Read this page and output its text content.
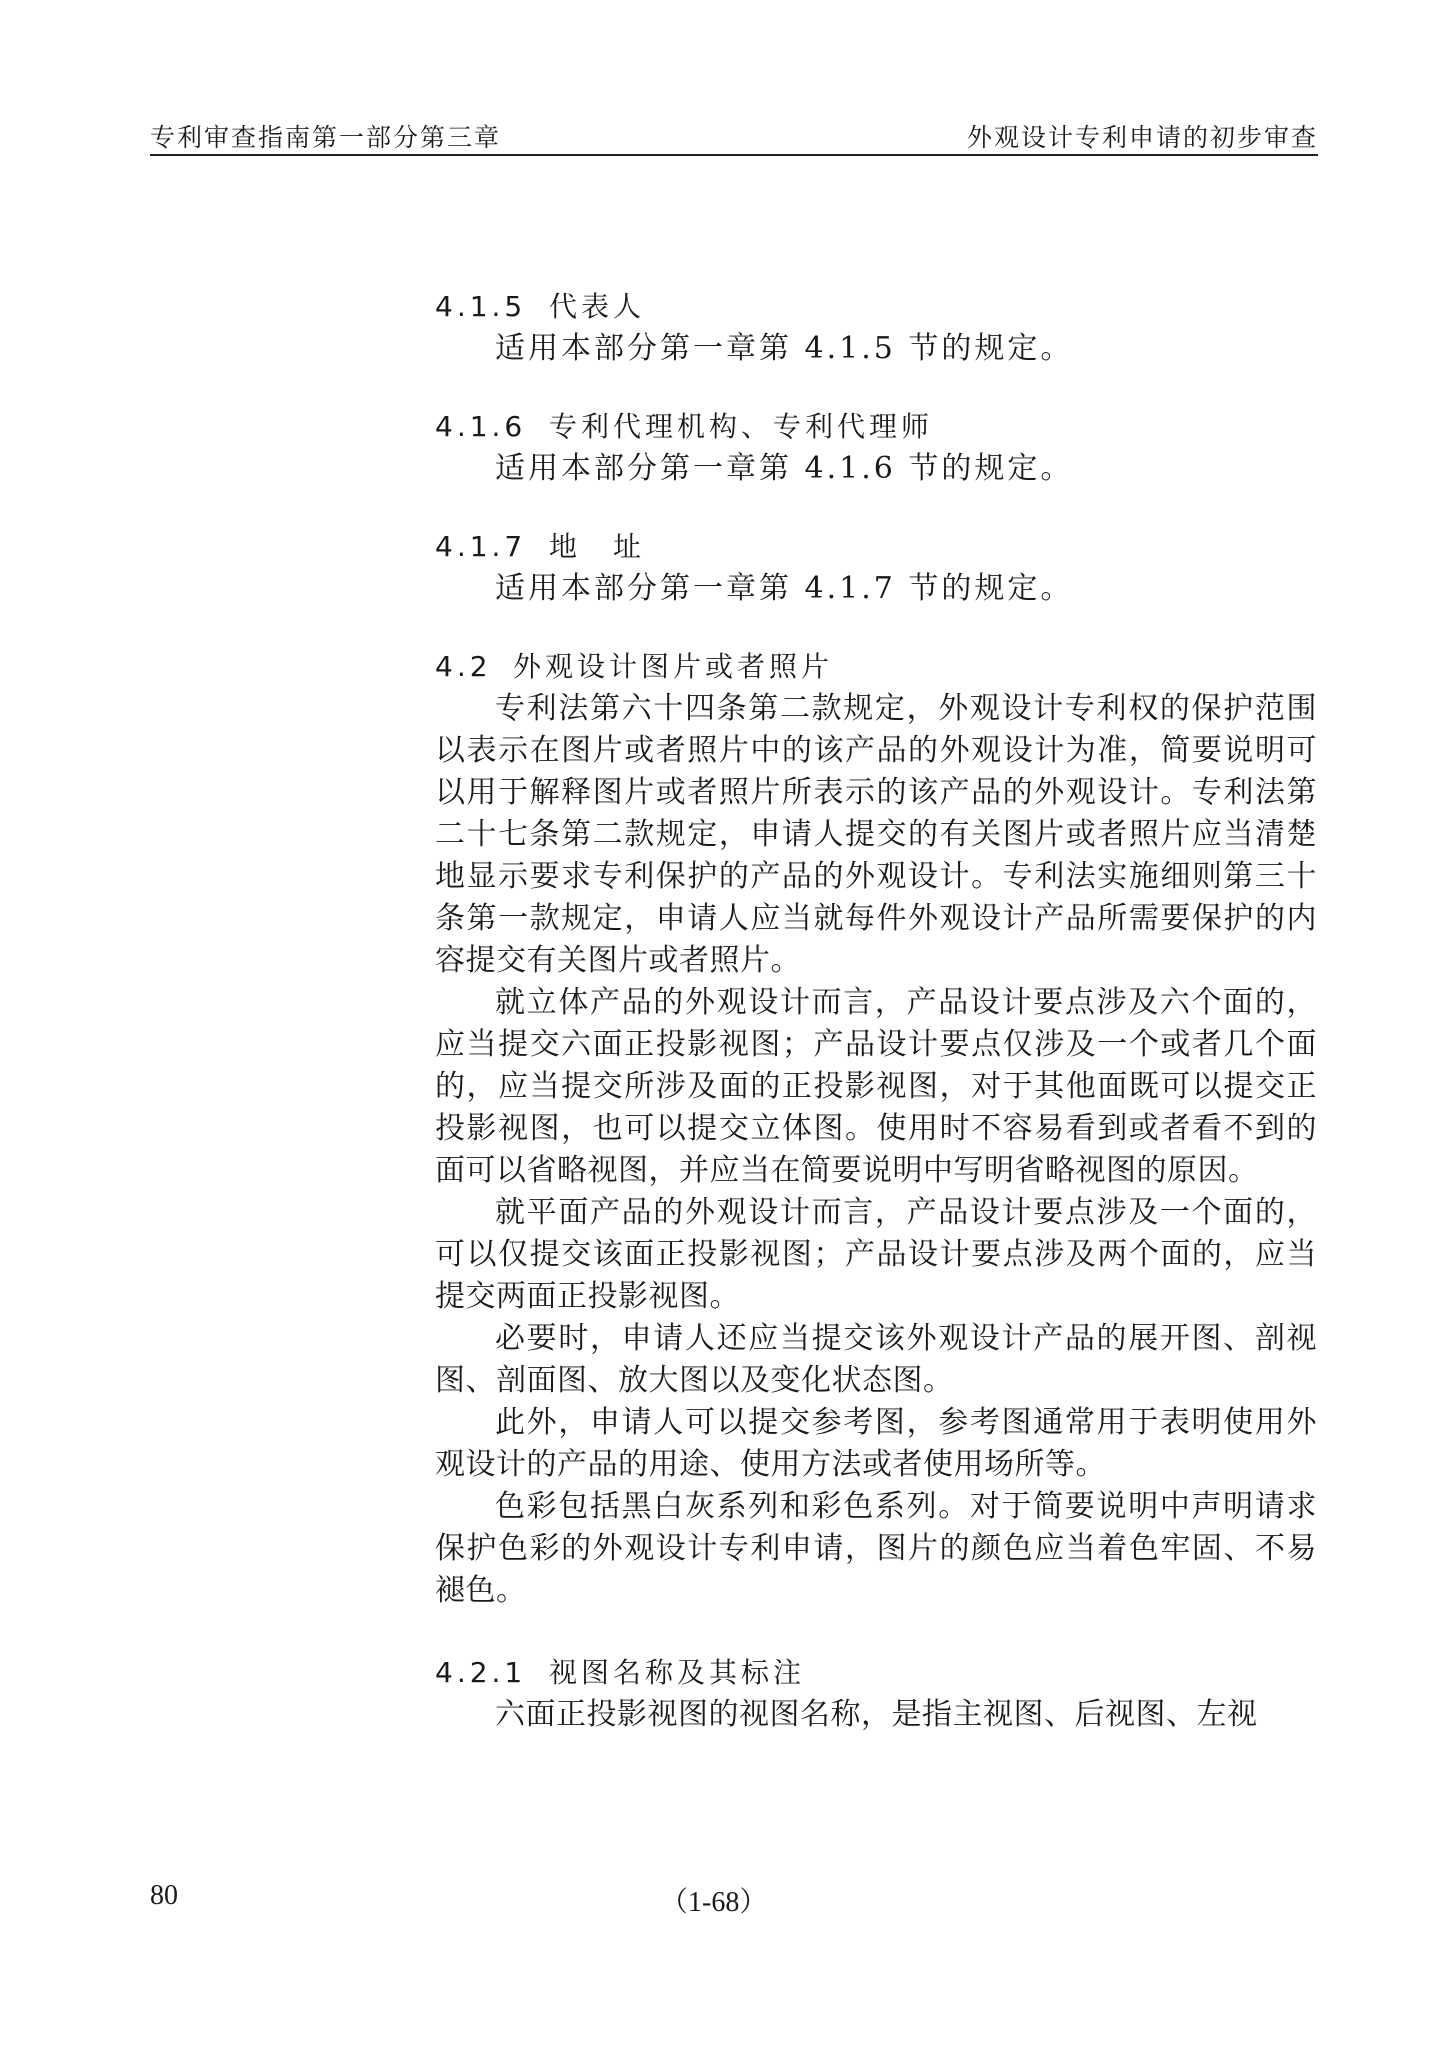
专利审查指南第一部分第三章	外观设计专利申请的初步审查
4.1.5 代表人
适用本部分第一章第 4.1.5 节的规定。
4.1.6 专利代理机构、专利代理师
适用本部分第一章第 4.1.6 节的规定。
4.1.7 地　址
适用本部分第一章第 4.1.7 节的规定。
4.2 外观设计图片或者照片
专利法第六十四条第二款规定，外观设计专利权的保护范围以表示在图片或者照片中的该产品的外观设计为准，简要说明可以用于解释图片或者照片所表示的该产品的外观设计。专利法第二十七条第二款规定，申请人提交的有关图片或者照片应当清楚地显示要求专利保护的产品的外观设计。专利法实施细则第三十条第一款规定，申请人应当就每件外观设计产品所需要保护的内容提交有关图片或者照片。
就立体产品的外观设计而言，产品设计要点涉及六个面的，应当提交六面正投影视图；产品设计要点仅涉及一个或者几个面的，应当提交所涉及面的正投影视图，对于其他面既可以提交正投影视图，也可以提交立体图。使用时不容易看到或者看不到的面可以省略视图，并应当在简要说明中写明省略视图的原因。
就平面产品的外观设计而言，产品设计要点涉及一个面的，可以仅提交该面正投影视图；产品设计要点涉及两个面的，应当提交两面正投影视图。
必要时，申请人还应当提交该外观设计产品的展开图、剖视图、剖面图、放大图以及变化状态图。
此外，申请人可以提交参考图，参考图通常用于表明使用外观设计的产品的用途、使用方法或者使用场所等。
色彩包括黑白灰系列和彩色系列。对于简要说明中声明请求保护色彩的外观设计专利申请，图片的颜色应当着色牢固、不易褪色。
4.2.1 视图名称及其标注
六面正投影视图的视图名称，是指主视图、后视图、左视
80	（1-68）
